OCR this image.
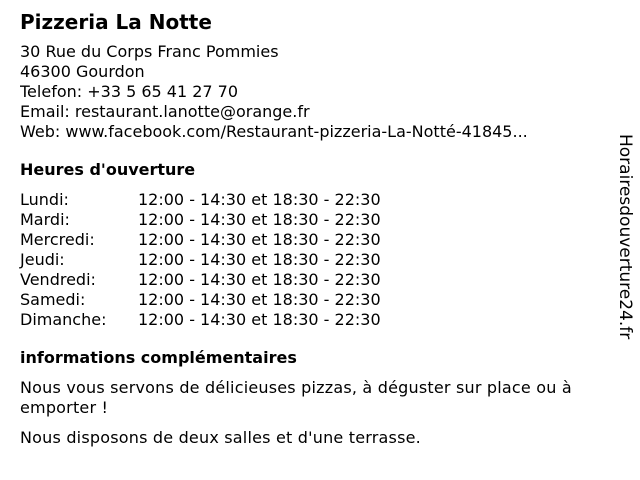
Pizzeria La Notte
30 Rue du Corps Franc Pommies
46300 Gourdon
Telefon: +33 5 65 41 27 70
Email: restaurant.lanotte@orange.fr
Web: www.facebook.com/Restaurant-pizzeria-La-Notté-41845...
Heures d'ouverture
Lundi:	12:00 - 14:30 et 18:30 - 22:30
Mardi:	12:00 - 14:30 et 18:30 - 22:30
Mercredi:	12:00 - 14:30 et 18:30 - 22:30
Jeudi:	12:00 - 14:30 et 18:30 - 22:30
Vendredi:	12:00 - 14:30 et 18:30 - 22:30
Samedi:	12:00 - 14:30 et 18:30 - 22:30
Dimanche:	12:00 - 14:30 et 18:30 - 22:30
informations complémentaires

Nous vous servons de délicieuses pizzas, à déguster sur place ou à emporter !

Nous disposons de deux salles et d'une terrasse.

Horairesdouverture24.fr
